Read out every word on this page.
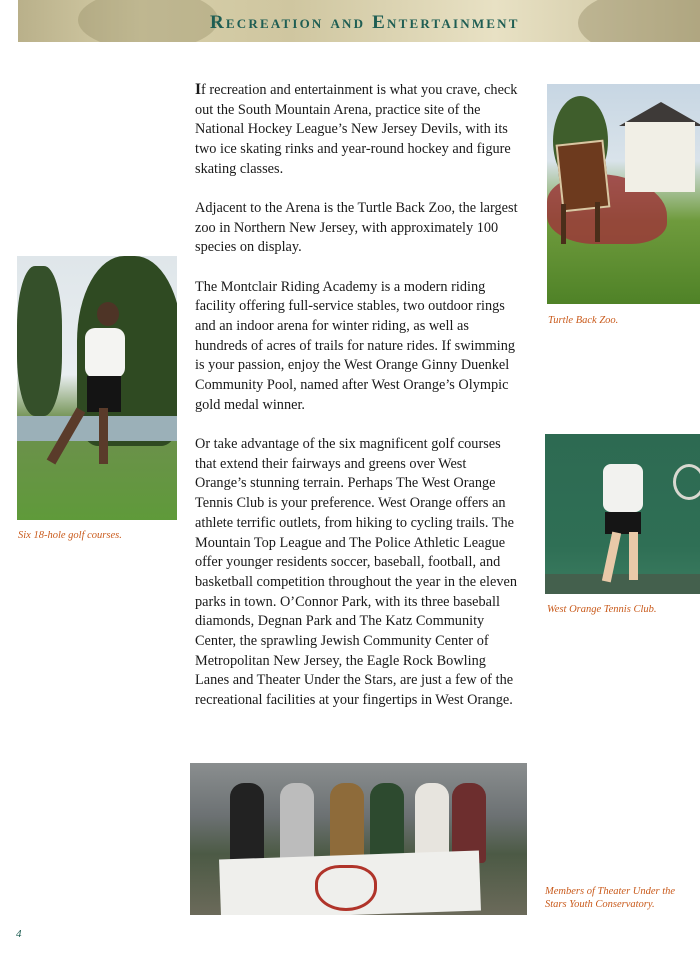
Recreation and Entertainment

If recreation and entertainment is what you crave, check out the South Mountain Arena, practice site of the National Hockey League’s New Jersey Devils, with its two ice skating rinks and year-round hockey and figure skating classes.

Adjacent to the Arena is the Turtle Back Zoo, the largest zoo in Northern New Jersey, with approximately 100 species on display.

The Montclair Riding Academy is a modern riding facility offering full-service stables, two outdoor rings and an indoor arena for winter riding, as well as hundreds of acres of trails for nature rides. If swimming is your passion, enjoy the West Orange Ginny Duenkel Community Pool, named after West Orange’s Olympic gold medal winner.

Or take advantage of the six magnificent golf courses that extend their fairways and greens over West Orange’s stunning terrain. Perhaps The West Orange Tennis Club is your preference. West Orange offers an athlete terrific outlets, from hiking to cycling trails. The Mountain Top League and The Police Athletic League offer younger residents soccer, baseball, football, and basketball competition throughout the year in the eleven parks in town. O’Connor Park, with its three baseball diamonds, Degnan Park and The Katz Community Center, the sprawling Jewish Community Center of Metropolitan New Jersey, the Eagle Rock Bowling Lanes and Theater Under the Stars, are just a few of the recreational facilities at your fingertips in West Orange.

Turtle Back Zoo.
Six 18-hole golf courses.
West Orange Tennis Club.
Members of Theater Under the Stars Youth Conservatory.
4
